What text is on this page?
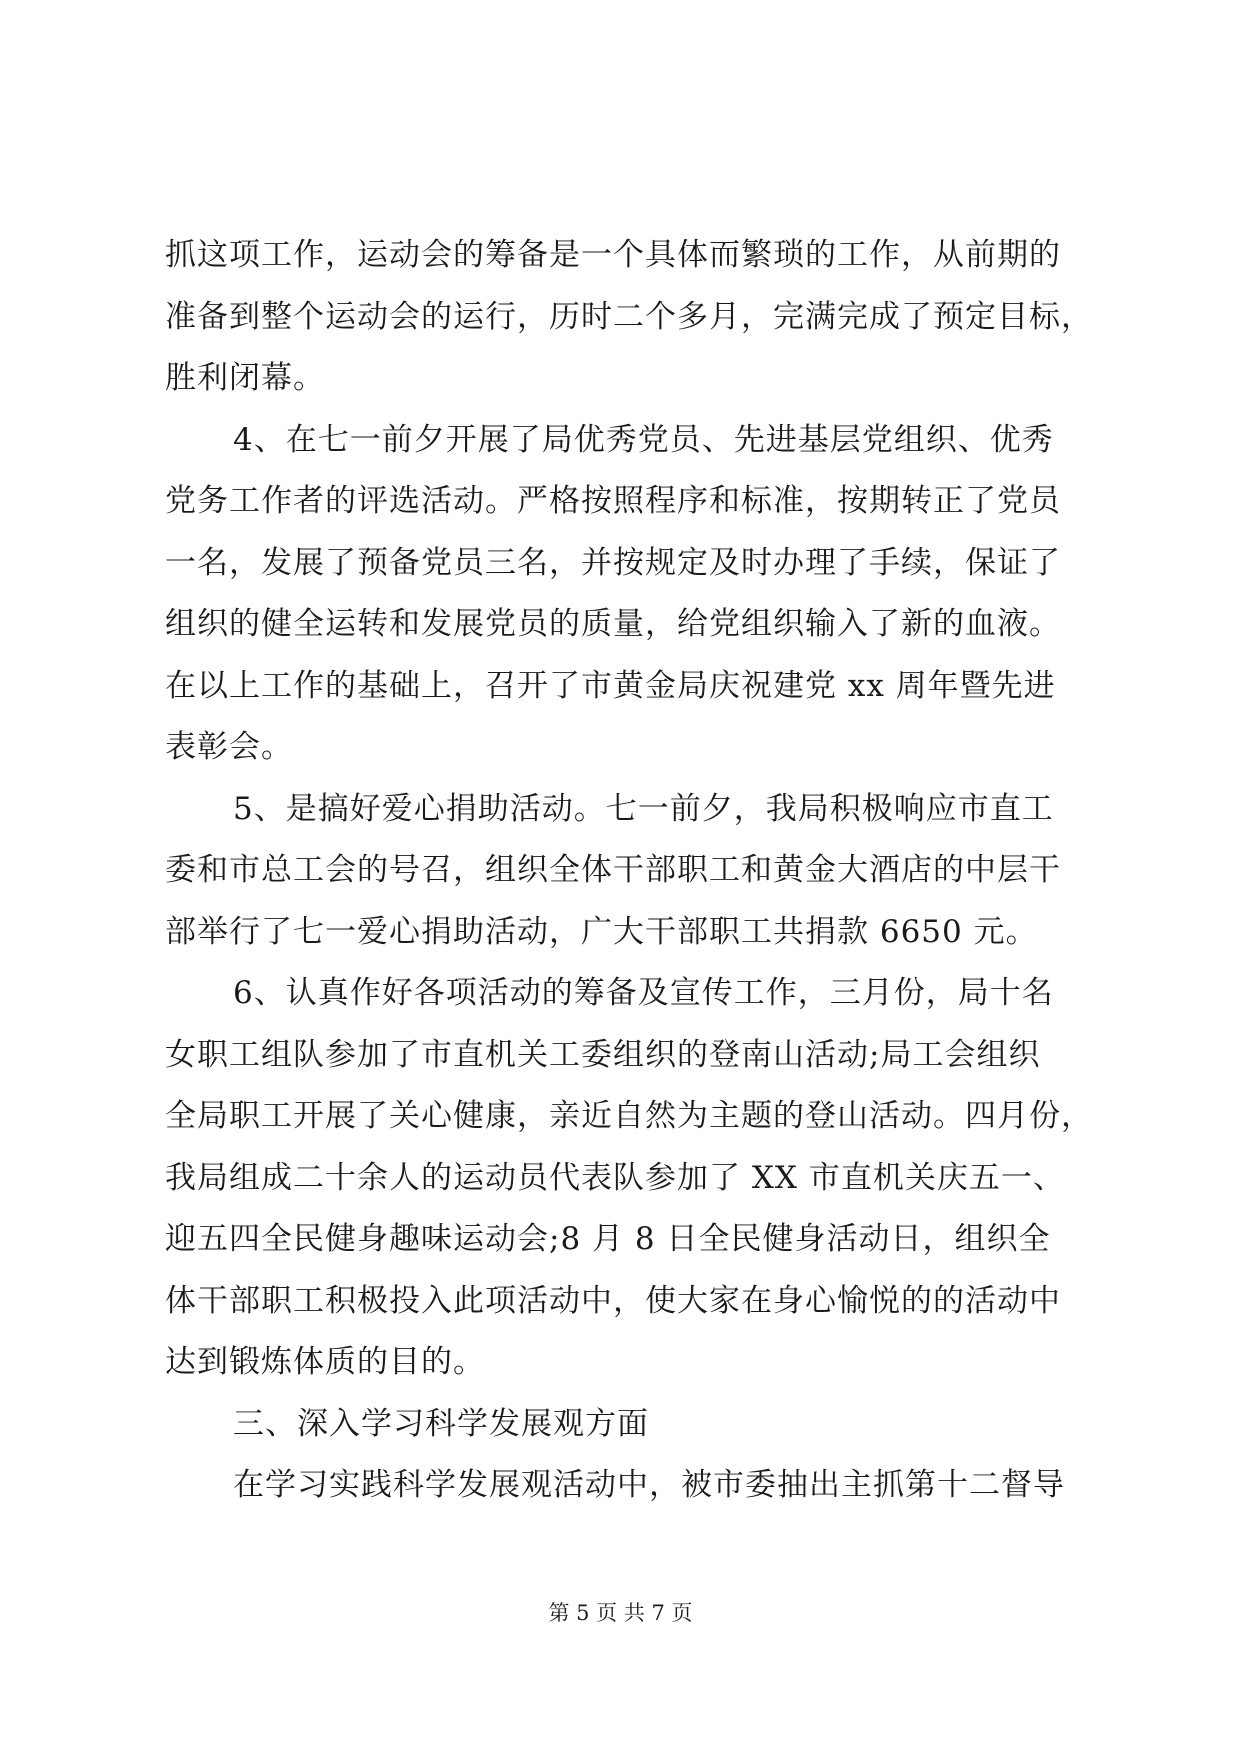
抓这项工作，运动会的筹备是一个具体而繁琐的工作，从前期的
准备到整个运动会的运行，历时二个多月，完满完成了预定目标，
胜利闭幕。
4、在七一前夕开展了局优秀党员、先进基层党组织、优秀
党务工作者的评选活动。严格按照程序和标准，按期转正了党员
一名，发展了预备党员三名，并按规定及时办理了手续，保证了
组织的健全运转和发展党员的质量，给党组织输入了新的血液。
在以上工作的基础上，召开了市黄金局庆祝建党 xx 周年暨先进
表彰会。
5、是搞好爱心捐助活动。七一前夕，我局积极响应市直工
委和市总工会的号召，组织全体干部职工和黄金大酒店的中层干
部举行了七一爱心捐助活动，广大干部职工共捐款 6650 元。
6、认真作好各项活动的筹备及宣传工作，三月份，局十名
女职工组队参加了市直机关工委组织的登南山活动;局工会组织
全局职工开展了关心健康，亲近自然为主题的登山活动。四月份，
我局组成二十余人的运动员代表队参加了 XX 市直机关庆五一、
迎五四全民健身趣味运动会;8 月 8 日全民健身活动日，组织全
体干部职工积极投入此项活动中，使大家在身心愉悦的的活动中
达到锻炼体质的目的。
三、深入学习科学发展观方面
在学习实践科学发展观活动中，被市委抽出主抓第十二督导
第 5 页 共 7 页
